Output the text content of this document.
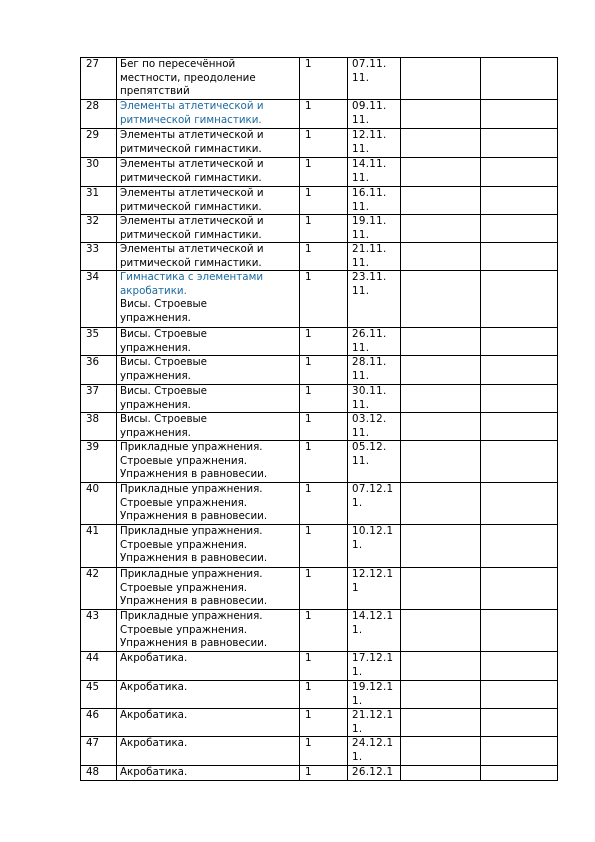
27	Бег по пересечённой
местности, преодоление
препятствий	1	07.11.
11.		

28	Элементы атлетической и
ритмической гимнастики.	1	09.11.
11.		

29	Элементы атлетической и
ритмической гимнастики.	1	12.11.
11.		

30	Элементы атлетической и
ритмической гимнастики.	1	14.11.
11.		

31	Элементы атлетической и
ритмической гимнастики.	1	16.11.
11.		

32	Элементы атлетической и
ритмической гимнастики.	1	19.11.
11.		

33	Элементы атлетической и
ритмической гимнастики.	1	21.11.
11.		

34	Гимнастика с элементами
акробатики.
Висы. Строевые
упражнения.	1	23.11.
11.		

35	Висы. Строевые
упражнения.	1	26.11.
11.		

36	Висы. Строевые
упражнения.	1	28.11.
11.		

37	Висы. Строевые
упражнения.	1	30.11.
11.		

38	Висы. Строевые
упражнения.	1	03.12.
11.		

39	Прикладные упражнения.
Строевые упражнения.
Упражнения в равновесии.	1	05.12.
11.		

40	Прикладные упражнения.
Строевые упражнения.
Упражнения в равновесии.	1	07.12.1
1.		

41	Прикладные упражнения.
Строевые упражнения.
Упражнения в равновесии.	1	10.12.1
1.		

42	Прикладные упражнения.
Строевые упражнения.
Упражнения в равновесии.	1	12.12.1
1		

43	Прикладные упражнения.
Строевые упражнения.
Упражнения в равновесии.	1	14.12.1
1.		

44	Акробатика.	1	17.12.1
1.		

45	Акробатика.	1	19.12.1
1.		

46	Акробатика.	1	21.12.1
1.		

47	Акробатика.	1	24.12.1
1.		

48	Акробатика.	1	26.12.1		
